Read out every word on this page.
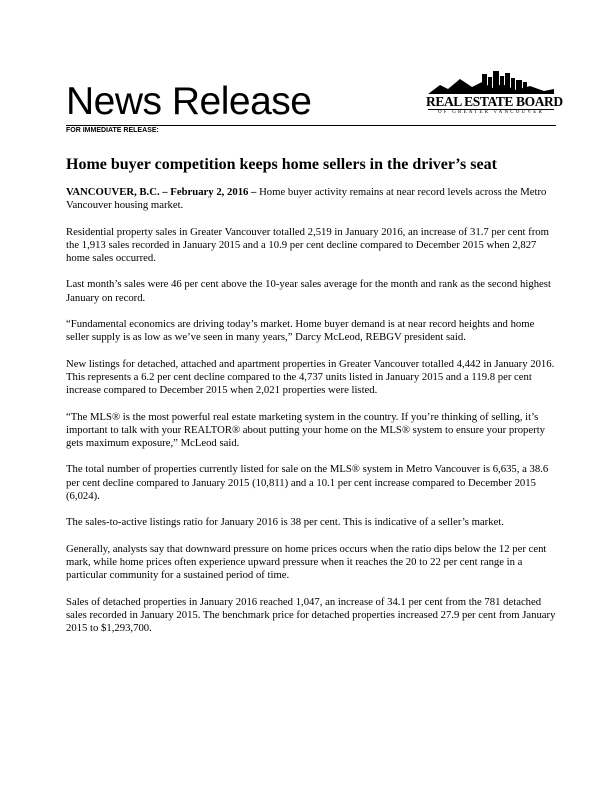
News Release
FOR IMMEDIATE RELEASE:
REAL ESTATE BOARD
OF GREATER VANCOUVER
Home buyer competition keeps home sellers in the driver’s seat

VANCOUVER, B.C. – February 2, 2016 – Home buyer activity remains at near record levels across the Metro Vancouver housing market.

Residential property sales in Greater Vancouver totalled 2,519 in January 2016, an increase of 31.7 per cent from the 1,913 sales recorded in January 2015 and a 10.9 per cent decline compared to December 2015 when 2,827 home sales occurred.

Last month’s sales were 46 per cent above the 10-year sales average for the month and rank as the second highest January on record.

“Fundamental economics are driving today’s market. Home buyer demand is at near record heights and home seller supply is as low as we’ve seen in many years,” Darcy McLeod, REBGV president said.

New listings for detached, attached and apartment properties in Greater Vancouver totalled 4,442 in January 2016. This represents a 6.2 per cent decline compared to the 4,737 units listed in January 2015 and a 119.8 per cent increase compared to December 2015 when 2,021 properties were listed.

“The MLS® is the most powerful real estate marketing system in the country. If you’re thinking of selling, it’s important to talk with your REALTOR® about putting your home on the MLS® system to ensure your property gets maximum exposure,” McLeod said.

The total number of properties currently listed for sale on the MLS® system in Metro Vancouver is 6,635, a 38.6 per cent decline compared to January 2015 (10,811) and a 10.1 per cent increase compared to December 2015 (6,024).

The sales-to-active listings ratio for January 2016 is 38 per cent. This is indicative of a seller’s market.

Generally, analysts say that downward pressure on home prices occurs when the ratio dips below the 12 per cent mark, while home prices often experience upward pressure when it reaches the 20 to 22 per cent range in a particular community for a sustained period of time.

Sales of detached properties in January 2016 reached 1,047, an increase of 34.1 per cent from the 781 detached sales recorded in January 2015. The benchmark price for detached properties increased 27.9 per cent from January 2015 to $1,293,700.
